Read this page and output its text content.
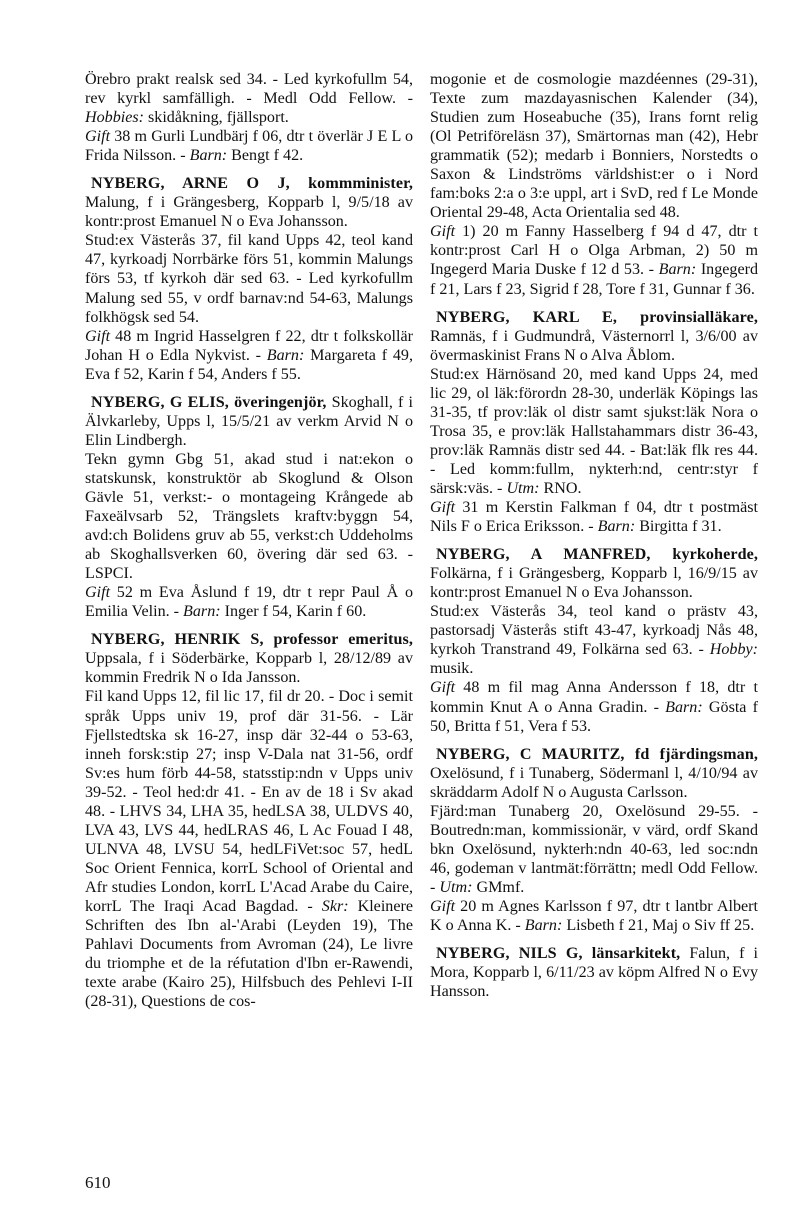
Örebro prakt realsk sed 34. - Led kyrkofullm 54, rev kyrkl samfälligh. - Medl Odd Fellow. - Hobbies: skidåkning, fjällsport.

Gift 38 m Gurli Lundbärj f 06, dtr t överlär J E L o Frida Nilsson. - Barn: Bengt f 42.

NYBERG, ARNE O J, kommminister, Malung, f i Grängesberg, Kopparb l, 9/5/18 av kontr:prost Emanuel N o Eva Johansson.

Stud:ex Västerås 37, fil kand Upps 42, teol kand 47, kyrkoadj Norrbärke förs 51, kommin Malungs förs 53, tf kyrkoh där sed 63. - Led kyrkofullm Malung sed 55, v ordf barnav:nd 54-63, Malungs folkhögsk sed 54.

Gift 48 m Ingrid Hasselgren f 22, dtr t folkskollär Johan H o Edla Nykvist. - Barn: Margareta f 49, Eva f 52, Karin f 54, Anders f 55.

NYBERG, G ELIS, överingenjör, Skoghall, f i Älvkarleby, Upps l, 15/5/21 av verkm Arvid N o Elin Lindbergh.

Tekn gymn Gbg 51, akad stud i nat:ekon o statskunsk, konstruktör ab Skoglund & Olson Gävle 51, verkst:- o montageing Krångede ab Faxeälvsarb 52, Trängslets kraftv:byggn 54, avd:ch Bolidens gruv ab 55, verkst:ch Uddeholms ab Skoghallsverken 60, övering där sed 63. - LSPCI.

Gift 52 m Eva Åslund f 19, dtr t repr Paul Å o Emilia Velin. - Barn: Inger f 54, Karin f 60.

NYBERG, HENRIK S, professor emeritus, Uppsala, f i Söderbärke, Kopparb l, 28/12/89 av kommin Fredrik N o Ida Jansson.

Fil kand Upps 12, fil lic 17, fil dr 20. - Doc i semit språk Upps univ 19, prof där 31-56. - Lär Fjellstedtska sk 16-27, insp där 32-44 o 53-63, inneh forsk:stip 27; insp V-Dala nat 31-56, ordf Sv:es hum förb 44-58, statsstip:ndn v Upps univ 39-52. - Teol hed:dr 41. - En av de 18 i Sv akad 48. - LHVS 34, LHA 35, hedLSA 38, ULDVS 40, LVA 43, LVS 44, hedLRAS 46, L Ac Fouad I 48, ULNVA 48, LVSU 54, hedLFiVet:soc 57, hedL Soc Orient Fennica, korrL School of Oriental and Afr studies London, korrL L'Acad Arabe du Caire, korrL The Iraqi Acad Bagdad. - Skr: Kleinere Schriften des Ibn al-'Arabi (Leyden 19), The Pahlavi Documents from Avroman (24), Le livre du triomphe et de la réfutation d'Ibn er-Rawendi, texte arabe (Kairo 25), Hilfsbuch des Pehlevi I-II (28-31), Questions de cos-

mogonie et de cosmologie mazdéennes (29-31), Texte zum mazdayasnischen Kalender (34), Studien zum Hoseabuche (35), Irans fornt relig (Ol Petriföreläsn 37), Smärtornas man (42), Hebr grammatik (52); medarb i Bonniers, Norstedts o Saxon & Lindströms världshist:er o i Nord fam:boks 2:a o 3:e uppl, art i SvD, red f Le Monde Oriental 29-48, Acta Orientalia sed 48.

Gift 1) 20 m Fanny Hasselberg f 94 d 47, dtr t kontr:prost Carl H o Olga Arbman, 2) 50 m Ingegerd Maria Duske f 12 d 53. - Barn: Ingegerd f 21, Lars f 23, Sigrid f 28, Tore f 31, Gunnar f 36.

NYBERG, KARL E, provinsialläkare, Ramnäs, f i Gudmundrå, Västernorrl l, 3/6/00 av övermaskinist Frans N o Alva Åblom.

Stud:ex Härnösand 20, med kand Upps 24, med lic 29, ol läk:förordn 28-30, underläk Köpings las 31-35, tf prov:läk ol distr samt sjukst:läk Nora o Trosa 35, e prov:läk Hallstahammars distr 36-43, prov:läk Ramnäs distr sed 44. - Bat:läk flk res 44. - Led komm:fullm, nykterh:nd, centr:styr f särsk:väs. - Utm: RNO.

Gift 31 m Kerstin Falkman f 04, dtr t postmäst Nils F o Erica Eriksson. - Barn: Birgitta f 31.

NYBERG, A MANFRED, kyrkoherde, Folkärna, f i Grängesberg, Kopparb l, 16/9/15 av kontr:prost Emanuel N o Eva Johansson.

Stud:ex Västerås 34, teol kand o prästv 43, pastorsadj Västerås stift 43-47, kyrkoadj Nås 48, kyrkoh Transtrand 49, Folkärna sed 63. - Hobby: musik.

Gift 48 m fil mag Anna Andersson f 18, dtr t kommin Knut A o Anna Gradin. - Barn: Gösta f 50, Britta f 51, Vera f 53.

NYBERG, C MAURITZ, fd fjärdingsman, Oxelösund, f i Tunaberg, Södermanl l, 4/10/94 av skräddarm Adolf N o Augusta Carlsson.

Fjärd:man Tunaberg 20, Oxelösund 29-55. - Boutredn:man, kommissionär, v värd, ordf Skand bkn Oxelösund, nykterh:ndn 40-63, led soc:ndn 46, godeman v lantmät:förrättn; medl Odd Fellow. - Utm: GMmf.

Gift 20 m Agnes Karlsson f 97, dtr t lantbr Albert K o Anna K. - Barn: Lisbeth f 21, Maj o Siv ff 25.

NYBERG, NILS G, länsarkitekt, Falun, f i Mora, Kopparb l, 6/11/23 av köpm Alfred N o Evy Hansson.

610
